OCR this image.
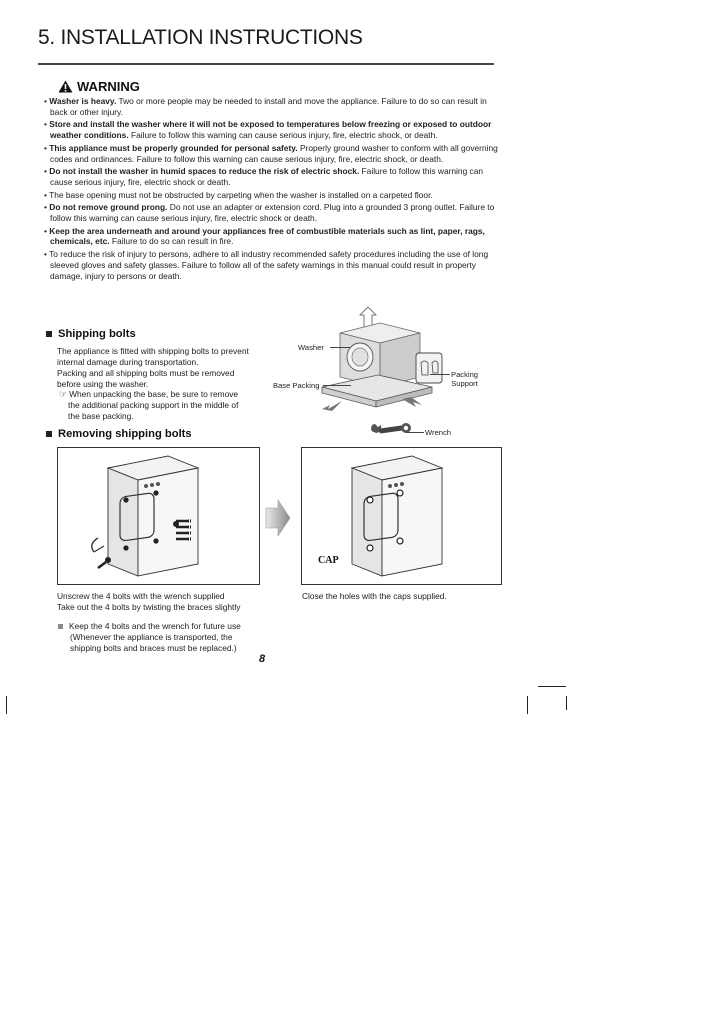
5. INSTALLATION INSTRUCTIONS
WARNING
• Washer is heavy. Two or more people may be needed to install and move the appliance. Failure to do so can result in back or other injury.
• Store and install the washer where it will not be exposed to temperatures below freezing or exposed to outdoor weather conditions. Failure to follow this warning can cause serious injury, fire, electric shock, or death.
• This appliance must be properly grounded for personal safety. Properly ground washer to conform with all governing codes and ordinances. Failure to follow this warning can cause serious injury, fire, electric shock, or death.
• Do not install the washer in humid spaces to reduce the risk of electric shock. Failure to follow this warning can cause serious injury, fire, electric shock or death.
• The base opening must not be obstructed by carpeting when the washer is installed on a carpeted floor.
• Do not remove ground prong. Do not use an adapter or extension cord. Plug into a grounded 3 prong outlet. Failure to follow this warning can cause serious injury, fire, electric shock or death.
• Keep the area underneath and around your appliances free of combustible materials such as lint, paper, rags, chemicals, etc. Failure to do so can result in fire.
• To reduce the risk of injury to persons, adhere to all industry recommended safety procedures including the use of long sleeved gloves and safety glasses. Failure to follow all of the safety warnings in this manual could result in property damage, injury to persons or death.
Shipping bolts
The appliance is fitted with shipping bolts to prevent
internal damage during transportation.
Packing and all shipping bolts must be removed
before using the washer.
☞ When unpacking the base, be sure to remove
the additional packing support in the middle of
the base packing.
Washer
Base Packing
Packing
Support
Wrench
Removing shipping bolts
CAP
Unscrew the 4 bolts with the wrench supplied
Take out the 4 bolts by twisting the braces slightly
Close the holes with the caps supplied.
Keep the 4 bolts and the wrench for future use
(Whenever the appliance is transported, the
shipping bolts and braces must be replaced.)
8
